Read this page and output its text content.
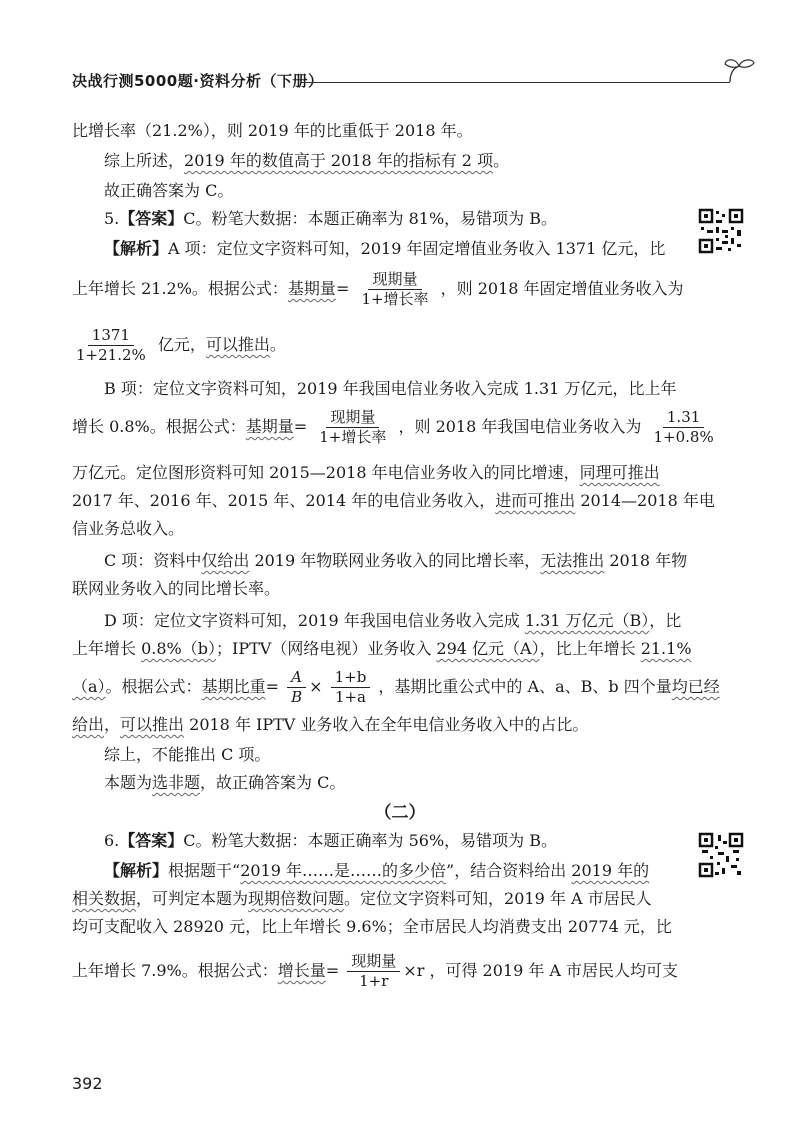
决战行测5000题·资料分析（下册）
比增长率（21.2%），则 2019 年的比重低于 2018 年。
综上所述，2019 年的数值高于 2018 年的指标有 2 项。
故正确答案为 C。
5.【答案】C。粉笔大数据：本题正确率为 81%，易错项为 B。
【解析】A 项：定位文字资料可知，2019 年固定增值业务收入 1371 亿元，比
上年增长 21.2%。根据公式：基期量= $\frac{\text{现期量}}{\text{1+增长率}}$ ，则 2018 年固定增值业务收入为
$\frac{1371}{1+21.2\%}$ 亿元，可以推出。
B 项：定位文字资料可知，2019 年我国电信业务收入完成 1.31 万亿元，比上年
增长 0.8%。根据公式：基期量= $\frac{\text{现期量}}{\text{1+增长率}}$ ，则 2018 年我国电信业务收入为 $\frac{1.31}{1+0.8\%}$
万亿元。定位图形资料可知 2015—2018 年电信业务收入的同比增速，同理可推出
2017 年、2016 年、2015 年、2014 年的电信业务收入，进而可推出 2014—2018 年电
信业务总收入。
C 项：资料中仅给出 2019 年物联网业务收入的同比增长率，无法推出 2018 年物
联网业务收入的同比增长率。
D 项：定位文字资料可知，2019 年我国电信业务收入完成 1.31 万亿元（B），比
上年增长 0.8%（b）；IPTV（网络电视）业务收入 294 亿元（A），比上年增长 21.1%
（a）。根据公式：基期比重= $\frac{A}{B} \times \frac{1+b}{1+a}$ ，基期比重公式中的 A、a、B、b 四个量均已经
给出，可以推出 2018 年 IPTV 业务收入在全年电信业务收入中的占比。
综上，不能推出 C 项。
本题为选非题，故正确答案为 C。
（二）
6.【答案】C。粉笔大数据：本题正确率为 56%，易错项为 B。
【解析】根据题干“2019 年……是……的多少倍”，结合资料给出 2019 年的
相关数据，可判定本题为现期倍数问题。定位文字资料可知，2019 年 A 市居民人
均可支配收入 28920 元，比上年增长 9.6%；全市居民人均消费支出 20774 元，比
上年增长 7.9%。根据公式：增长量= $\frac{\text{现期量}}{1+r} \times r$ ，可得 2019 年 A 市居民人均可支
392
